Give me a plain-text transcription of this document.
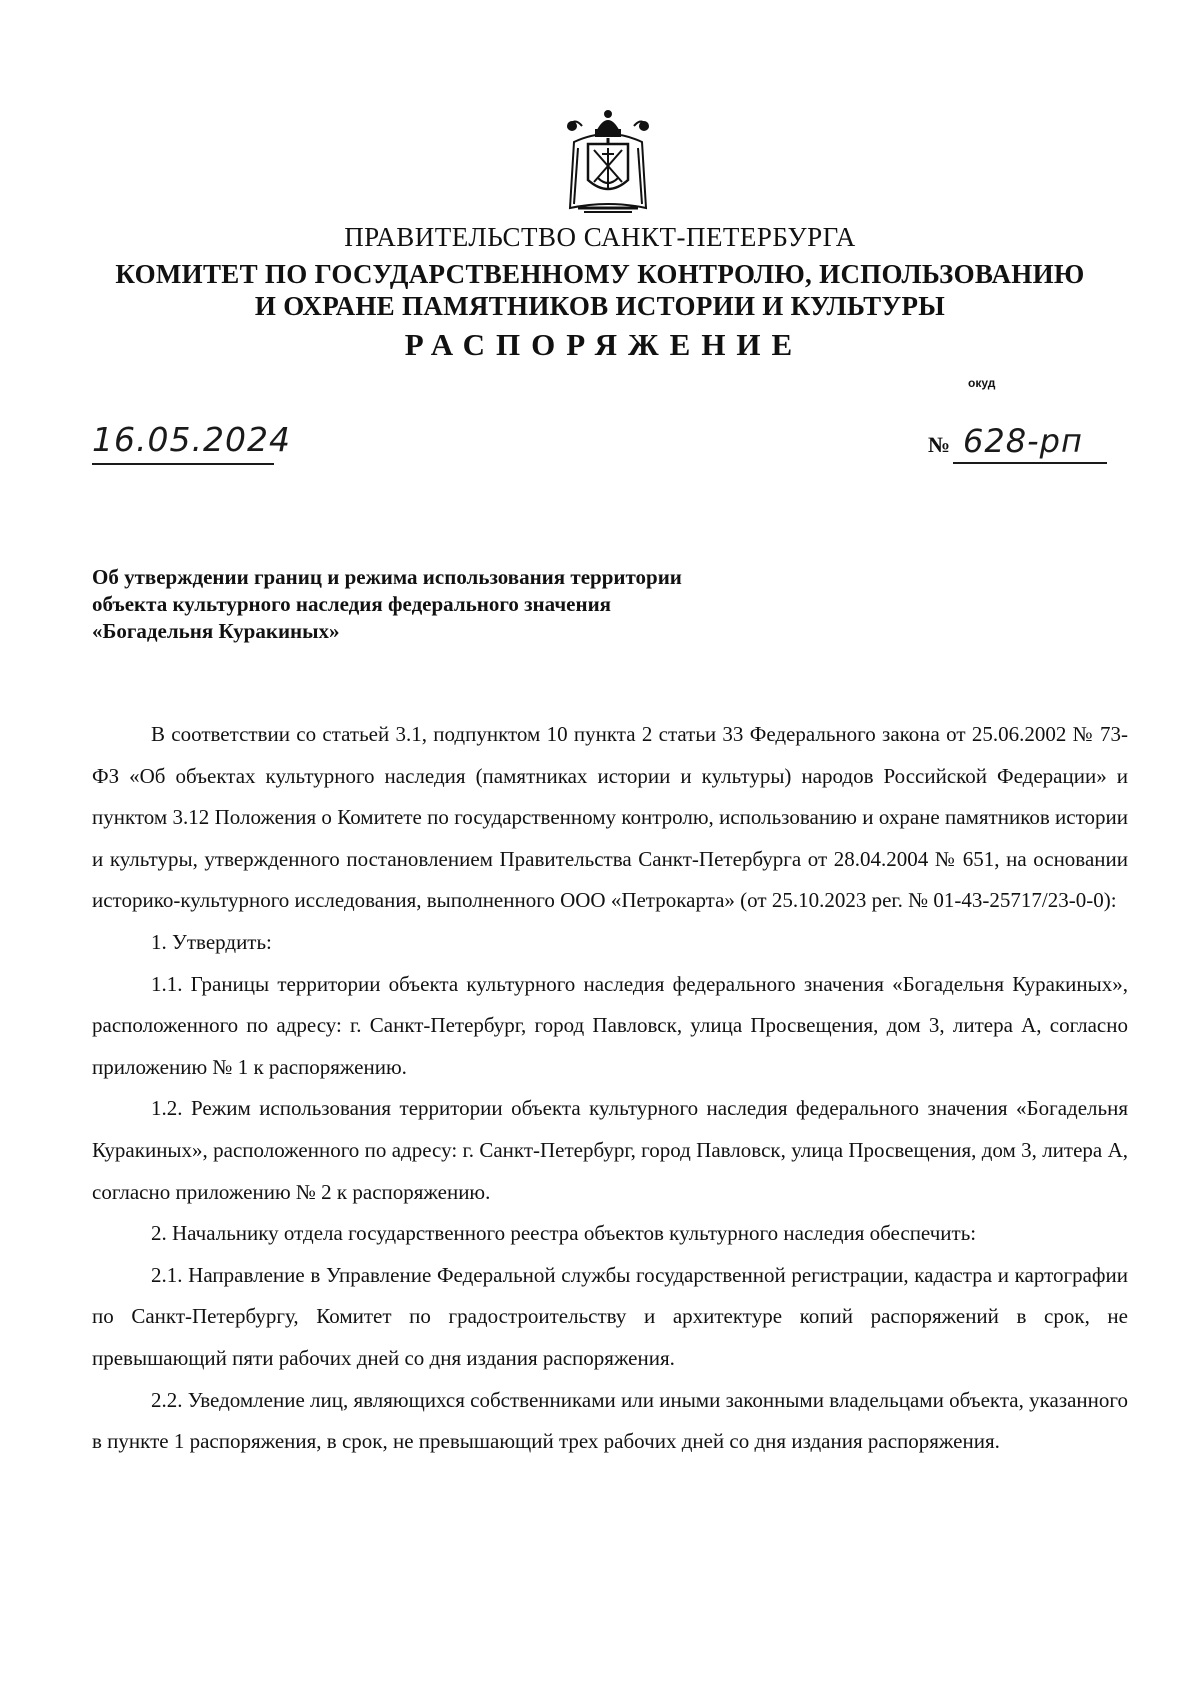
ПРАВИТЕЛЬСТВО САНКТ-ПЕТЕРБУРГА
КОМИТЕТ ПО ГОСУДАРСТВЕННОМУ КОНТРОЛЮ, ИСПОЛЬЗОВАНИЮ
И ОХРАНЕ ПАМЯТНИКОВ ИСТОРИИ И КУЛЬТУРЫ
РАСПОРЯЖЕНИЕ
окуд
16.05.2024	№ 628-рп
Об утверждении границ и режима использования территории
объекта культурного наследия федерального значения
«Богадельня Куракиных»

В соответствии со статьей 3.1, подпунктом 10 пункта 2 статьи 33 Федерального закона от 25.06.2002 № 73-ФЗ «Об объектах культурного наследия (памятниках истории и культуры) народов Российской Федерации» и пунктом 3.12 Положения о Комитете по государственному контролю, использованию и охране памятников истории и культуры, утвержденного постановлением Правительства Санкт-Петербурга от 28.04.2004 № 651, на основании историко-культурного исследования, выполненного ООО «Петрокарта» (от 25.10.2023 рег. № 01-43-25717/23-0-0):

1. Утвердить:

1.1. Границы территории объекта культурного наследия федерального значения «Богадельня Куракиных», расположенного по адресу: г. Санкт-Петербург, город Павловск, улица Просвещения, дом 3, литера А, согласно приложению № 1 к распоряжению.

1.2. Режим использования территории объекта культурного наследия федерального значения «Богадельня Куракиных», расположенного по адресу: г. Санкт-Петербург, город Павловск, улица Просвещения, дом 3, литера А, согласно приложению № 2 к распоряжению.

2. Начальнику отдела государственного реестра объектов культурного наследия обеспечить:

2.1. Направление в Управление Федеральной службы государственной регистрации, кадастра и картографии по Санкт-Петербургу, Комитет по градостроительству и архитектуре копий распоряжений в срок, не превышающий пяти рабочих дней со дня издания распоряжения.

2.2. Уведомление лиц, являющихся собственниками или иными законными владельцами объекта, указанного в пункте 1 распоряжения, в срок, не превышающий трех рабочих дней со дня издания распоряжения.
